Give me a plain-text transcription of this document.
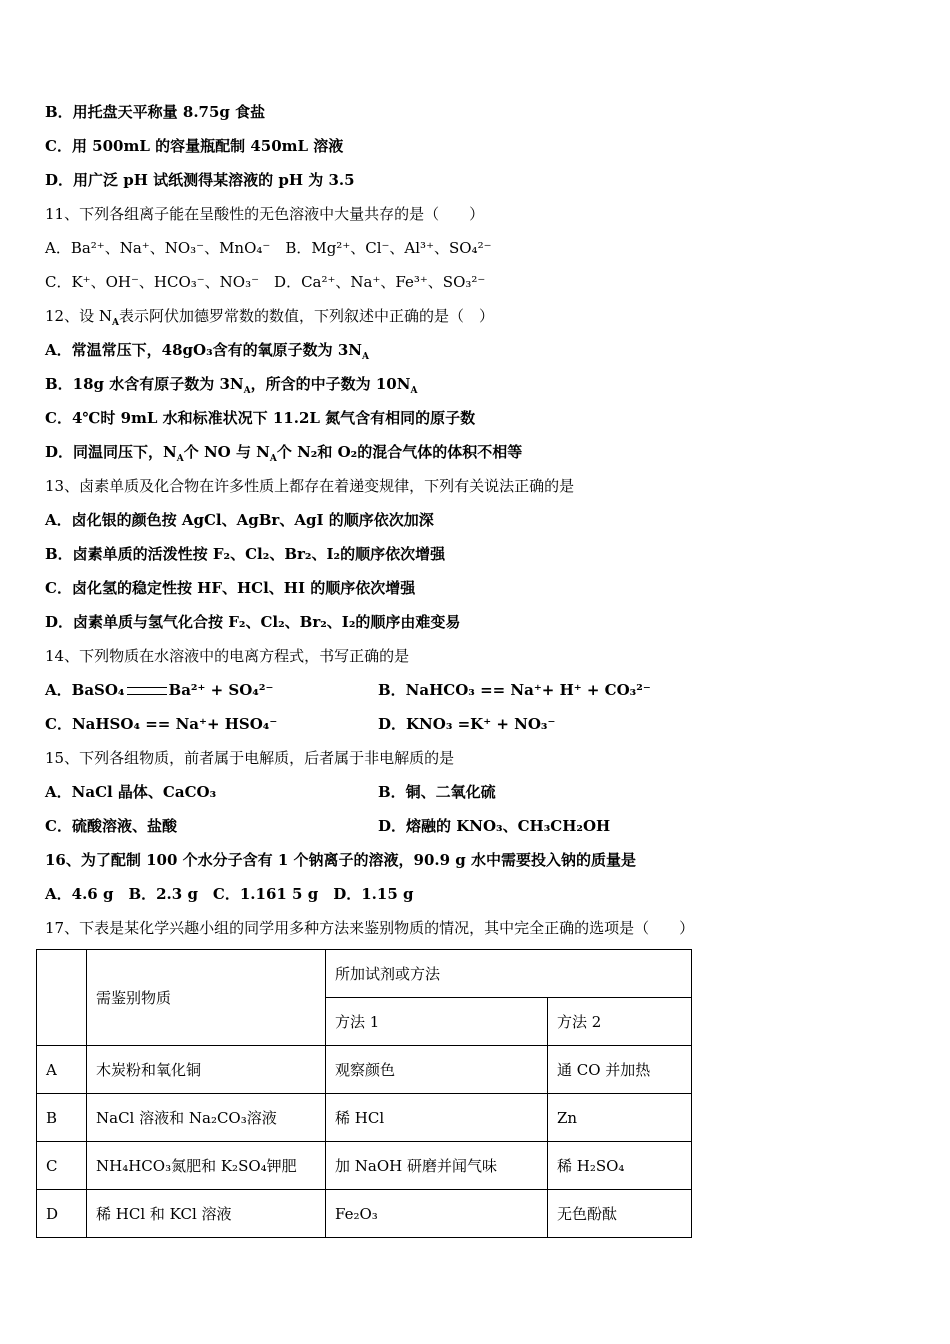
B．用托盘天平称量 8.75g 食盐
C．用 500mL 的容量瓶配制 450mL 溶液
D．用广泛 pH 试纸测得某溶液的 pH 为 3.5
11、下列各组离子能在呈酸性的无色溶液中大量共存的是（　　）
A．Ba²⁺、Na⁺、NO₃⁻、MnO₄⁻　B．Mg²⁺、Cl⁻、Al³⁺、SO₄²⁻
C．K⁺、OH⁻、HCO₃⁻、NO₃⁻　D．Ca²⁺、Na⁺、Fe³⁺、SO₃²⁻
12、设 $N_A$表示阿伏加德罗常数的数值，下列叙述中正确的是（　）
A．常温常压下，48gO₃含有的氧原子数为 $3N_A$
B．18g 水含有原子数为 $3N_A$，所含的中子数为 $10N_A$
C．4℃时 9mL 水和标准状况下 11.2L 氮气含有相同的原子数
D．同温同压下，$N_A$个 NO 与 $N_A$个 N₂和 O₂的混合气体的体积不相等
13、卤素单质及化合物在许多性质上都存在着递变规律，下列有关说法正确的是
A．卤化银的颜色按 AgCl、AgBr、AgI 的顺序依次加深
B．卤素单质的活泼性按 F₂、Cl₂、Br₂、I₂的顺序依次增强
C．卤化氢的稳定性按 HF、HCl、HI 的顺序依次增强
D．卤素单质与氢气化合按 F₂、Cl₂、Br₂、I₂的顺序由难变易
14、下列物质在水溶液中的电离方程式，书写正确的是
A．BaSO₄	Ba²⁺ + SO₄²⁻	B．NaHCO₃ == Na⁺+ H⁺ + CO₃²⁻
C．NaHSO₄ == Na⁺+ HSO₄⁻	D．KNO₃ =K⁺ + NO₃⁻
15、下列各组物质，前者属于电解质，后者属于非电解质的是
A．NaCl 晶体、CaCO₃	B．铜、二氧化硫
C．硫酸溶液、盐酸	D．熔融的 KNO₃、CH₃CH₂OH
16、为了配制 100 个水分子含有 1 个钠离子的溶液，90.9 g 水中需要投入钠的质量是
A．4.6 g　B．2.3 g　C．1.161 5 g　D．1.15 g
17、下表是某化学兴趣小组的同学用多种方法来鉴别物质的情况，其中完全正确的选项是（　　）
	需鉴别物质	所加试剂或方法	
		方法 1	方法 2
A	木炭粉和氧化铜	观察颜色	通 CO 并加热
B	NaCl 溶液和 Na₂CO₃溶液	稀 HCl	Zn
C	NH₄HCO₃氮肥和 K₂SO₄钾肥	加 NaOH 研磨并闻气味	稀 H₂SO₄
D	稀 HCl 和 KCl 溶液	Fe₂O₃	无色酚酞
